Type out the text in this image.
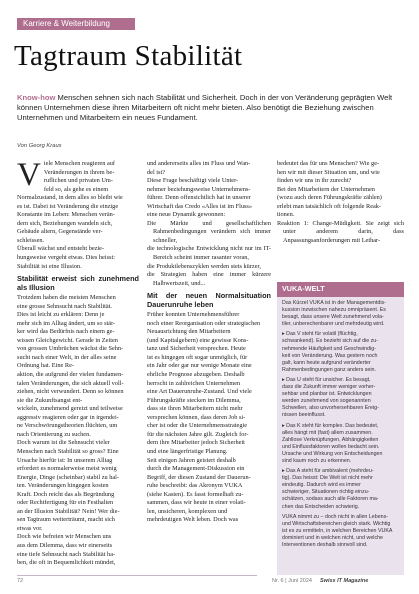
Karriere & Weiterbildung
Tagtraum Stabilität
Know-how Menschen sehnen sich nach Stabilität und Sicherheit. Doch in der von Veränderung geprägten Welt können Unternehmen diese ihren Mitarbeitern oft nicht mehr bieten. Also benötigt die Beziehung zwischen Unternehmen und Mitarbeitern ein neues Fundament.
Von Georg Kraus
V iele Menschen reagieren auf
Veränderungen in ihrem be-
ruflichen und privaten Um-
feld so, als gehe es einem
Normalzustand, in dem alles so bleibt wie
es ist. Dabei ist Veränderung die einzige
Konstante im Leben: Menschen verän-
dern sich, Beziehungen wandeln sich,
Gebäude altern, Gegenstände ver-
schleissen.

Überall wächst und entsteht bezie-
hungsweise vergeht etwas. Dies heisst:
Stabilität ist eine Illusion.

Stabilität erweist sich zunehmend als Illusion

Trotzdem haben die meisten Menschen
eine grosse Sehnsucht nach Stabilität.
Dies ist leicht zu erklären: Denn je
mehr sich im Alltag ändert, um so stär-
ker wird das Bedürfnis nach einem ge-
wissen Gleichgewicht. Gerade in Zeiten
von grossen Umbrüchen wächst die Sehn-
sucht nach einer Welt, in der alles seine
Ordnung hat. Eine Re-
aktion, die aufgrund der vielen fundamen-
talen Veränderungen, die sich aktuell voll-
ziehen, nicht verwundert. Denn so können
sie die Zukunftsangst ent-
wickeln, zunehmend gereizt und teilweise
aggressiv reagieren oder gar in irgendei-
ne Verschwörungstheorien flüchten, um
nach Orientierung zu suchen.

Doch warum ist die Sehnsucht vieler
Menschen nach Stabilität so gross? Eine
Ursache hierfür ist: In unserem Alltag
erfordert es normalerweise meist wenig
Energie, Dinge (scheinbar) stabil zu hal-
ten. Veränderungen hingegen kosten
Kraft. Doch reicht das als Begründung
oder Rechtfertigung für ein Festhalten
an der Illusion Stabilität? Nein! Wer die-
sen Tagtraum weiterträumt, macht sich
etwas vor.

Doch wie befreien wir Menschen uns
aus dem Dilemma, dass wir einerseits
eine tiefe Sehnsucht nach Stabilität ha-
ben, die oft in Bequemlichkeit mündet,

und andererseits alles im Fluss und Wan-
del ist?

Diese Frage beschäftigt viele Unter-
nehmer beziehungsweise Unternehmens-
führer. Denn offensichtlich hat in unserer
Wirtschaft das Credo «Alles ist im Fluss»
eine neue Dynamik gewonnen:

Die Märkte und gesellschaftlichen Rahmenbedingungen verändern sich immer schneller,
die technologische Entwicklung nicht nur im IT-Bereich scheint immer rasanter voran,
die Produktlebenszyklen werden stets kürzer,
die Strategien haben eine immer kürzere Halbwertszeit, und...
Mit der neuen Normalsituation Dauerunruhe leben

Früher konnten Unternehmensführer
noch einer Reorganisation oder strategischen
Neuausrichtung den Mitarbeitern
(und Kapitalgebern) eine gewisse Kons-
tanz und Sicherheit versprechen. Heute
ist es hingegen oft sogar unmöglich, für
ein Jahr oder gar nur wenige Monate eine
ehrliche Prognose abzugeben. Deshalb
herrscht in zahlreichen Unternehmen
eine Art Dauerunruhe-Zustand. Und viele
Führungskräfte stecken im Dilemma,
dass sie ihren Mitarbeitern nicht mehr
versprechen können, dass deren Job si-
cher ist oder die Unternehmensstrategie
für die nächsten Jahre gilt. Zugleich for-
dern ihre Mitarbeiter jedoch Sicherheit
und eine längerfristige Planung.

Seit einigen Jahren geistert deshalb
durch die Management-Diskussion ein
Begriff, der diesen Zustand der Dauerun-
ruhe beschreibt: das Akronym VUKA
(siehe Kasten). Es fasst formelhaft zu-
sammen, dass wir heute in einer volati-
len, unsicheren, komplexen und
mehrdeutigen Welt leben. Doch was

bedeutet das für uns Menschen? Wie ge-
hen wir mit dieser Situation um, und wie
finden wir uns in ihr zurecht?

Bei den Mitarbeitern der Unternehmen
(wozu auch deren Führungskräfte zählen)
erlebt man tatsächlich oft folgende Reak-
tionen.

Reaktion 1: Change-Müdigkeit. Sie zeigt sich unter anderem darin, dass Anpassungsanforderungen mit Lethar-
VUKA-WELT

Das Kürzel VUKA ist in der Managementdis-
kussion inzwischen nahezu omnipräsent. Es
besagt, dass unsere Welt zunehmend vola-
tiler, unberechenbarer und mehrdeutig wird.

▸ Das V steht für volatil (flüchtig,
schwankend). Es bezieht sich auf die zu-
nehmende Häufigkeit und Geschwindig-
keit von Veränderung. Was gestern noch
galt, kann heute aufgrund veränderter
Rahmenbedingungen ganz anders sein.

▸ Das U steht für unsicher. Es besagt,
dass die Zukunft immer weniger vorher-
sehbar und planbar ist. Entwicklungen
werden zunehmend von sogenannten
Schwellen, also unvorhersehbaren Ereig-
nissen beeinflusst.

▸ Das K steht für komplex. Das bedeutet,
alles hängt mit (fast) allem zusammen.
Zahllose Verknüpfungen, Abhängigkeiten
und Einflussfaktoren wollen bedacht sein.
Ursache und Wirkung von Entscheidungen
sind kaum noch zu erkennen.

▸ Das A steht für ambivalent (mehrdeu-
tig). Das heisst: Die Welt ist nicht mehr
eindeutig. Dadurch wird es immer
schwieriger, Situationen richtig einzu-
schätzen, sodass auch alle Faktoren ma-
chen das Entscheiden schwierig.

VUKA nimmt zu – doch nicht in allen Lebens-
und Wirtschaftsbereichen gleich stark. Wichtig
ist es zu ermitteln, in welchen Bereichen VUKA
dominiert und in welchen nicht, und welche
Interventionen deshalb sinnvoll sind.

72	Nr. 6 | Juni 2024 Swiss IT Magazine
